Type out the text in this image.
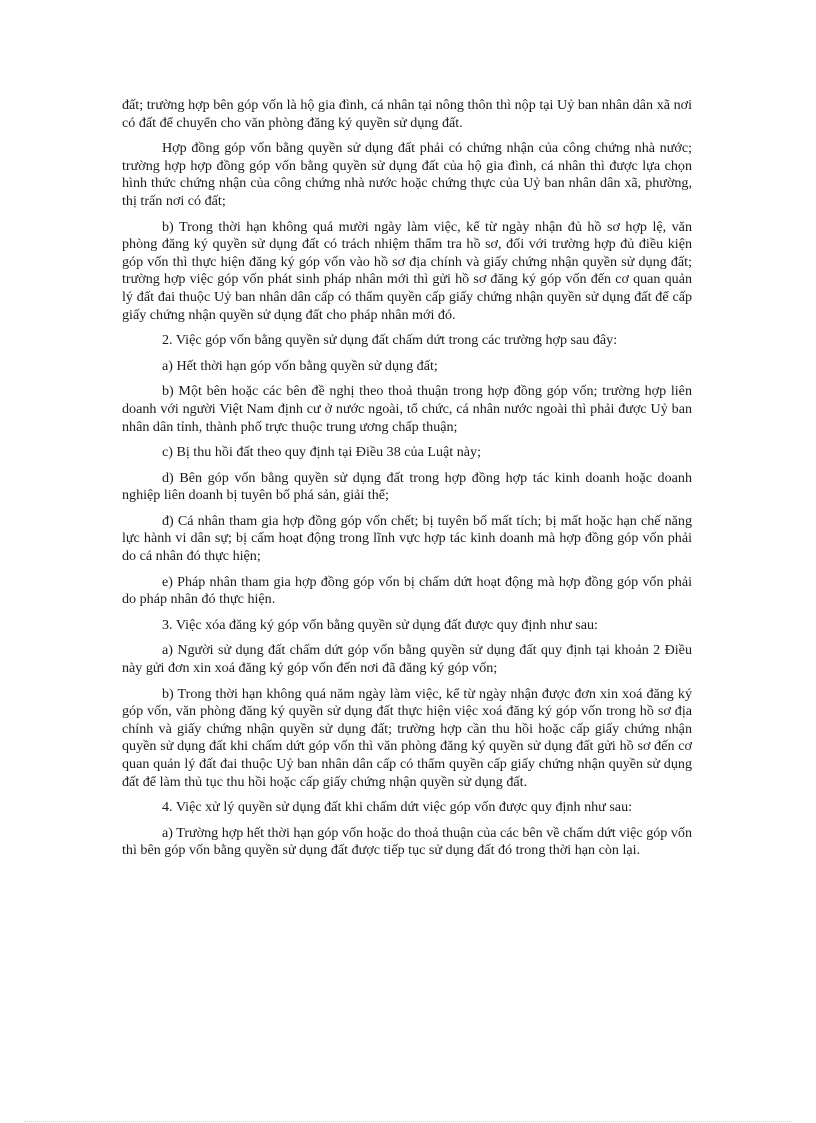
đất; trường hợp bên góp vốn là hộ gia đình, cá nhân tại nông thôn thì nộp tại Uỷ ban nhân dân xã nơi có đất để chuyển cho văn phòng đăng ký quyền sử dụng đất.

Hợp đồng góp vốn bằng quyền sử dụng đất phải có chứng nhận của công chứng nhà nước; trường hợp hợp đồng góp vốn bằng quyền sử dụng đất của hộ gia đình, cá nhân thì được lựa chọn hình thức chứng nhận của công chứng nhà nước hoặc chứng thực của Uỷ ban nhân dân xã, phường, thị trấn nơi có đất;

b) Trong thời hạn không quá mười ngày làm việc, kể từ ngày nhận đủ hồ sơ hợp lệ, văn phòng đăng ký quyền sử dụng đất có trách nhiệm thẩm tra hồ sơ, đối với trường hợp đủ điều kiện góp vốn thì thực hiện đăng ký góp vốn vào hồ sơ địa chính và giấy chứng nhận quyền sử dụng đất; trường hợp việc góp vốn phát sinh pháp nhân mới thì gửi hồ sơ đăng ký góp vốn đến cơ quan quản lý đất đai thuộc Uỷ ban nhân dân cấp có thẩm quyền cấp giấy chứng nhận quyền sử dụng đất để cấp giấy chứng nhận quyền sử dụng đất cho pháp nhân mới đó.

2. Việc góp vốn bằng quyền sử dụng đất chấm dứt trong các trường hợp sau đây:

a) Hết thời hạn góp vốn bằng quyền sử dụng đất;

b) Một bên hoặc các bên đề nghị theo thoả thuận trong hợp đồng góp vốn; trường hợp liên doanh với người Việt Nam định cư ở nước ngoài, tổ chức, cá nhân nước ngoài thì phải được Uỷ ban nhân dân tỉnh, thành phố trực thuộc trung ương chấp thuận;

c) Bị thu hồi đất theo quy định tại Điều 38 của Luật này;

d) Bên góp vốn bằng quyền sử dụng đất trong hợp đồng hợp tác kinh doanh hoặc doanh nghiệp liên doanh bị tuyên bố phá sản, giải thể;

đ) Cá nhân tham gia hợp đồng góp vốn chết; bị tuyên bố mất tích; bị mất hoặc hạn chế năng lực hành vi dân sự; bị cấm hoạt động trong lĩnh vực hợp tác kinh doanh mà hợp đồng góp vốn phải do cá nhân đó thực hiện;

e) Pháp nhân tham gia hợp đồng góp vốn bị chấm dứt hoạt động mà hợp đồng góp vốn phải do pháp nhân đó thực hiện.

3. Việc xóa đăng ký góp vốn bằng quyền sử dụng đất được quy định như sau:

a) Người sử dụng đất chấm dứt góp vốn bằng quyền sử dụng đất quy định tại khoản 2 Điều này gửi đơn xin xoá đăng ký góp vốn đến nơi đã đăng ký góp vốn;

b) Trong thời hạn không quá năm ngày làm việc, kể từ ngày nhận được đơn xin xoá đăng ký góp vốn, văn phòng đăng ký quyền sử dụng đất thực hiện việc xoá đăng ký góp vốn trong hồ sơ địa chính và giấy chứng nhận quyền sử dụng đất; trường hợp cần thu hồi hoặc cấp giấy chứng nhận quyền sử dụng đất khi chấm dứt góp vốn thì văn phòng đăng ký quyền sử dụng đất gửi hồ sơ đến cơ quan quản lý đất đai thuộc Uỷ ban nhân dân cấp có thẩm quyền cấp giấy chứng nhận quyền sử dụng đất để làm thủ tục thu hồi hoặc cấp giấy chứng nhận quyền sử dụng đất.

4. Việc xử lý quyền sử dụng đất khi chấm dứt việc góp vốn được quy định như sau:

a) Trường hợp hết thời hạn góp vốn hoặc do thoả thuận của các bên về chấm dứt việc góp vốn thì bên góp vốn bằng quyền sử dụng đất được tiếp tục sử dụng đất đó trong thời hạn còn lại.
